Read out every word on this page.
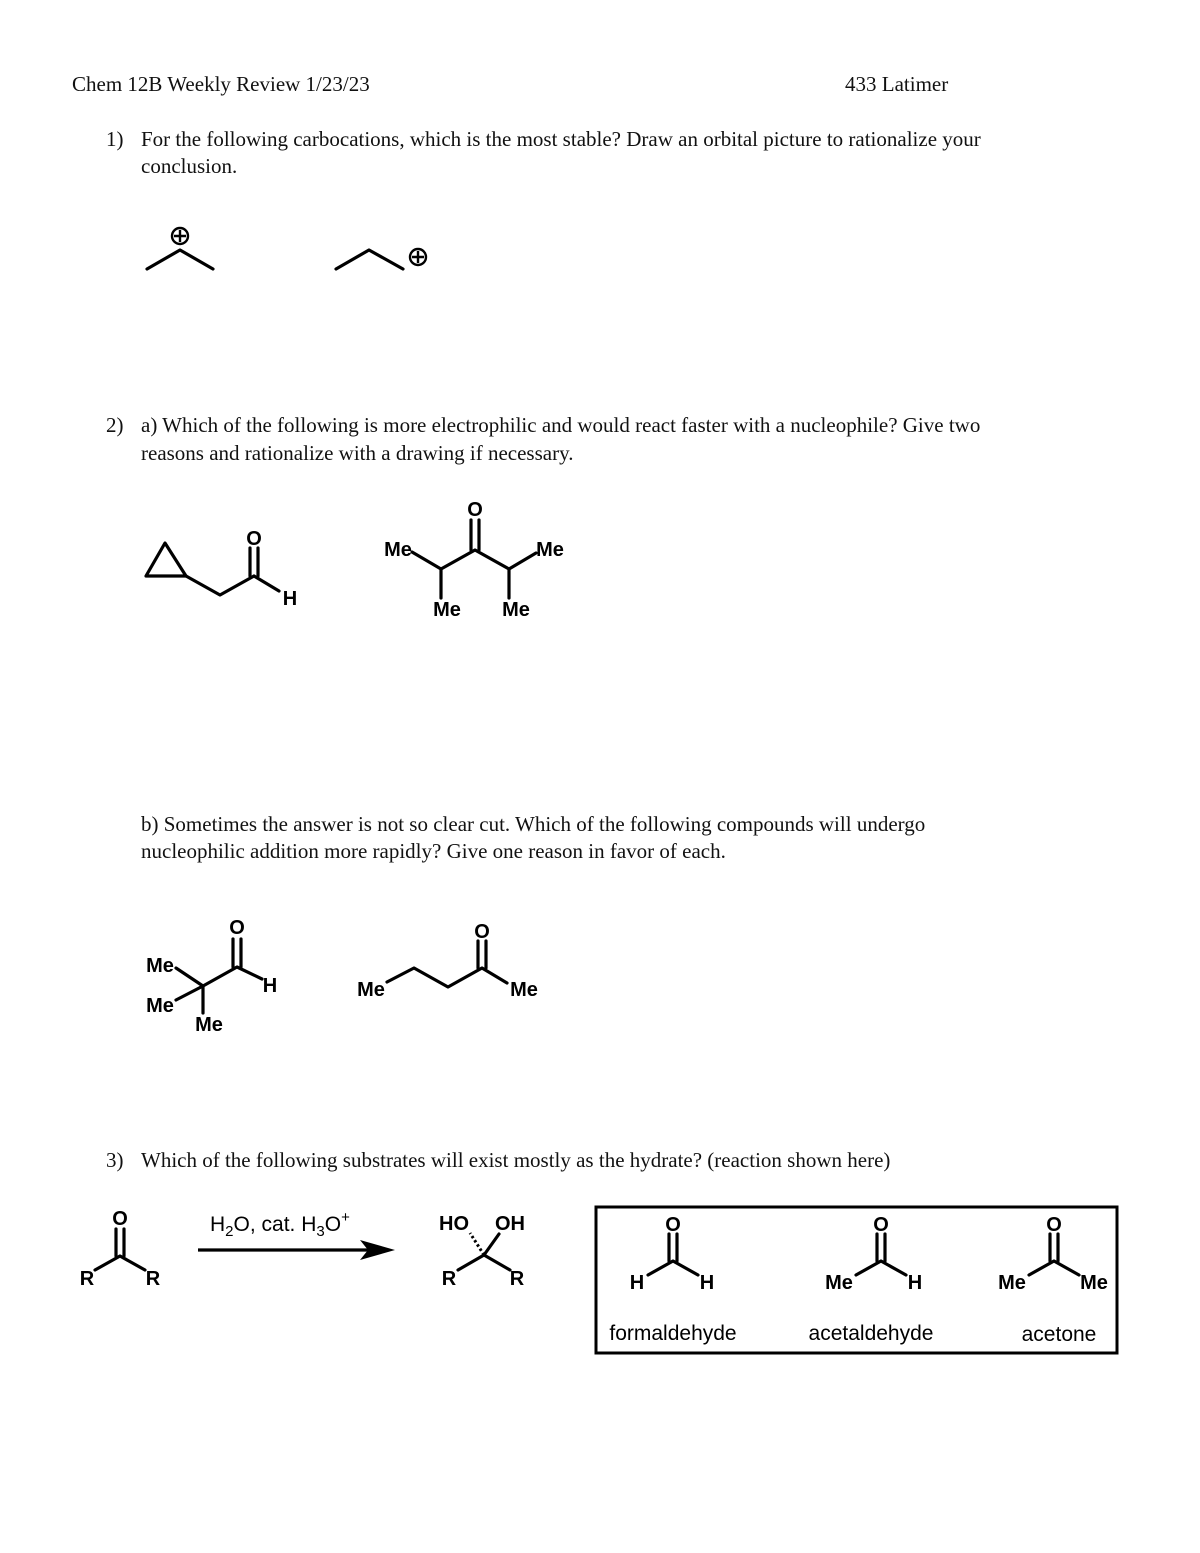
Chem 12B Weekly Review 1/23/23	433 Latimer
1) For the following carbocations, which is the most stable? Draw an orbital picture to rationalize your
conclusion.
2) a) Which of the following is more electrophilic and would react faster with a nucleophile? Give two
reasons and rationalize with a drawing if necessary.
O
H
O
Me	Me
Me Me
b) Sometimes the answer is not so clear cut. Which of the following compounds will undergo
nucleophilic addition more rapidly? Give one reason in favor of each.
O
H
Me
Me
Me
O
Me	Me
3) Which of the following substrates will exist mostly as the hydrate? (reaction shown here)
O
R	R
$H_2O$, cat. $H_3O^+$	HO OH
R	R
O
H	H
formaldehyde
O
Me	H
acetaldehyde
O
Me	Me
acetone
